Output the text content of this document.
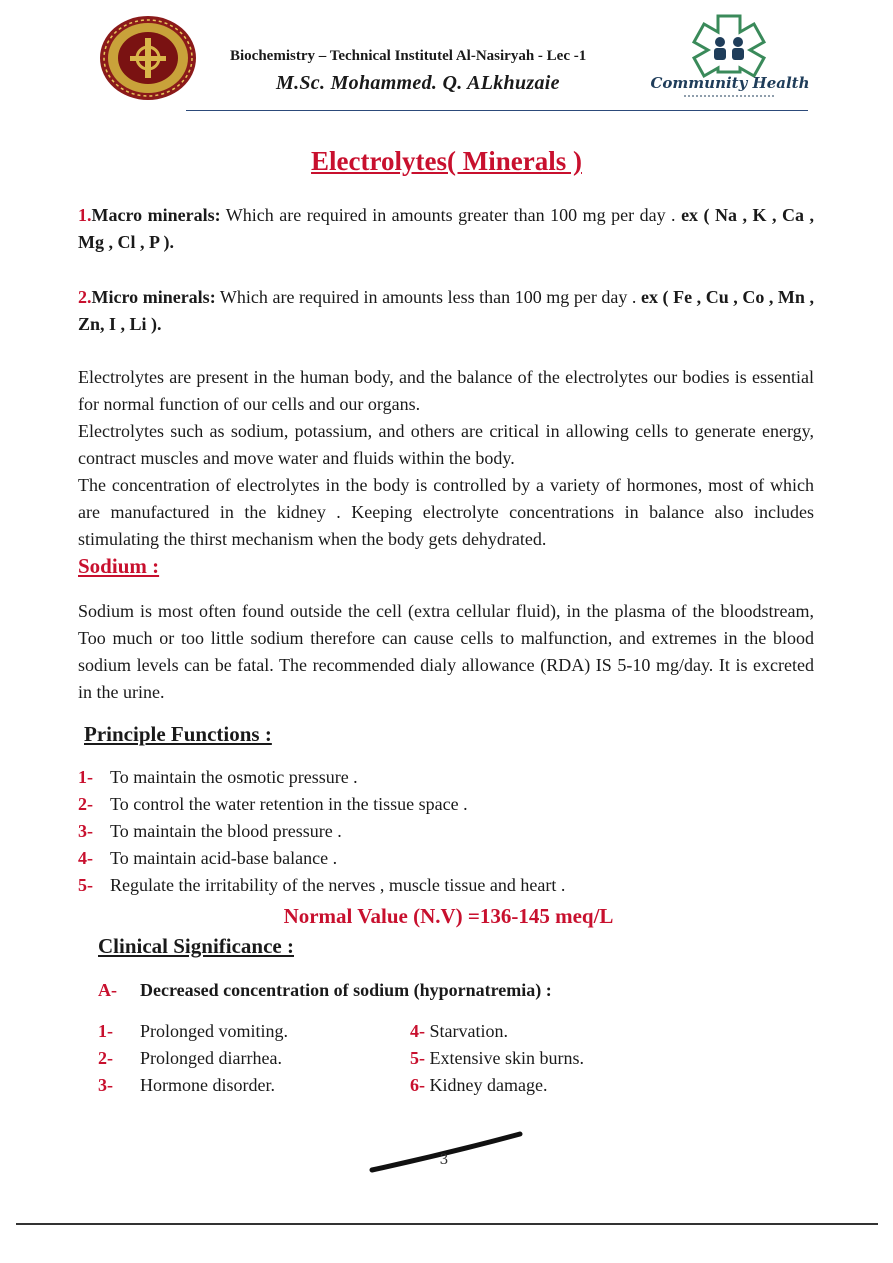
Community Health
Biochemistry – Technical Institutel Al-Nasiryah - Lec -1
M.Sc. Mohammed. Q. ALkhuzaie
Electrolytes( Minerals )
1.Macro minerals: Which are required in amounts greater than 100 mg per day . ex ( Na , K , Ca , Mg , Cl , P ).
2.Micro minerals: Which are required in amounts less than 100 mg per day . ex ( Fe , Cu , Co , Mn , Zn, I , Li ).
Electrolytes are present in the human body, and the balance of the electrolytes our bodies is essential for normal function of our cells and our organs.
Electrolytes such as sodium, potassium, and others are critical in allowing cells to generate energy, contract muscles and move water and fluids within the body.
The concentration of electrolytes in the body is controlled by a variety of hormones, most of which are manufactured in the kidney . Keeping electrolyte concentrations in balance also includes stimulating the thirst mechanism when the body gets dehydrated.
Sodium :
Sodium is most often found outside the cell (extra cellular fluid), in the plasma of the bloodstream, Too much or too little sodium therefore can cause cells to malfunction, and extremes in the blood sodium levels can be fatal. The recommended dialy allowance (RDA) IS 5-10 mg/day. It is excreted in the urine.
Principle Functions :
1- To maintain the osmotic pressure .
2- To control the water retention in the tissue space .
3- To maintain the blood pressure .
4- To maintain acid-base balance .
5- Regulate the irritability of the nerves , muscle tissue and heart .
Normal Value (N.V) =136-145 meq/L
Clinical Significance :
A- Decreased concentration of sodium (hypornatremia) :
1- Prolonged vomiting.
2- Prolonged diarrhea.
3- Hormone disorder.
4- Starvation.
5- Extensive skin burns.
6- Kidney damage.
3
